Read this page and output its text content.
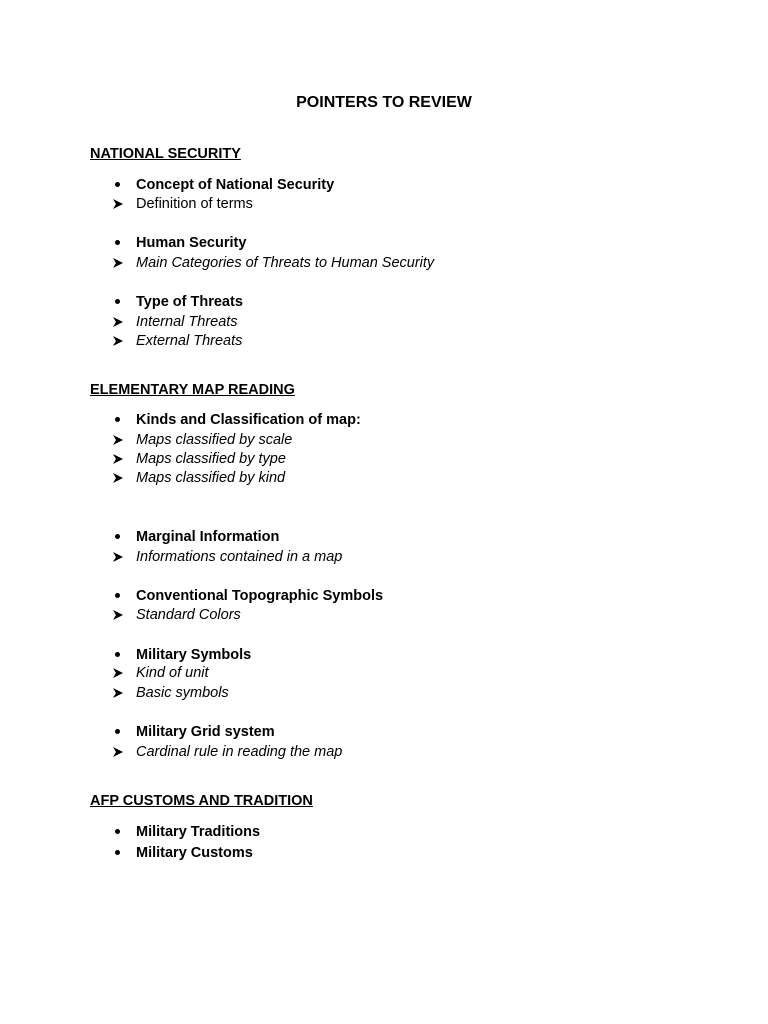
POINTERS TO REVIEW
NATIONAL SECURITY
Concept of National Security
Definition of terms
Human Security
Main Categories of Threats to Human Security
Type of Threats
Internal Threats
External Threats
ELEMENTARY MAP READING
Kinds and Classification of map:
Maps classified by scale
Maps classified by type
Maps classified by kind
Marginal Information
Informations contained in a map
Conventional Topographic Symbols
Standard Colors
Military Symbols
Kind of unit
Basic symbols
Military Grid system
Cardinal rule in reading the map
AFP CUSTOMS AND TRADITION
Military Traditions
Military Customs
